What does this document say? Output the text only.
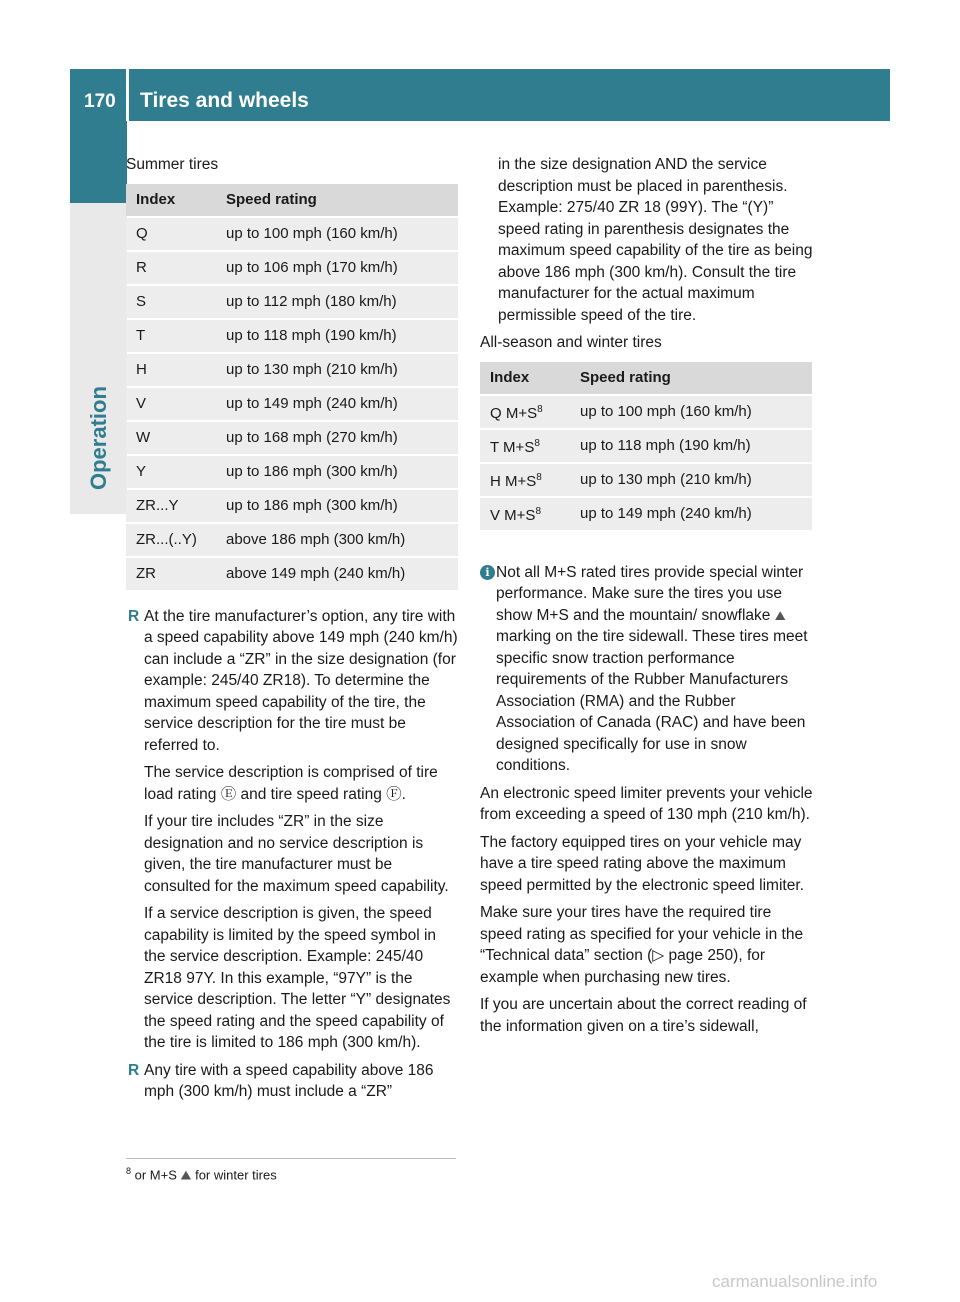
170 Tires and wheels
Operation

Summer tires

Index	Speed rating
Q	up to 100 mph (160 km/h)
R	up to 106 mph (170 km/h)
S	up to 112 mph (180 km/h)
T	up to 118 mph (190 km/h)
H	up to 130 mph (210 km/h)
V	up to 149 mph (240 km/h)
W	up to 168 mph (270 km/h)
Y	up to 186 mph (300 km/h)
ZR...Y	up to 186 mph (300 km/h)
ZR...(..Y)	above 186 mph (300 km/h)
ZR	above 149 mph (240 km/h)
R At the tire manufacturer’s option, any tire with a speed capability above 149 mph (240 km/h) can include a “ZR” in the size designation (for example: 245/40 ZR18). To determine the maximum speed capability of the tire, the service description for the tire must be referred to.

The service description is comprised of tire load rating Ⓔ and tire speed rating Ⓕ.

If your tire includes “ZR” in the size designation and no service description is given, the tire manufacturer must be consulted for the maximum speed capability.

If a service description is given, the speed capability is limited by the speed symbol in the service description. Example: 245/40 ZR18 97Y. In this example, “97Y” is the service description. The letter “Y” designates the speed rating and the speed capability of the tire is limited to 186 mph (300 km/h).

R Any tire with a speed capability above 186 mph (300 km/h) must include a “ZR”

in the size designation AND the service description must be placed in parenthesis. Example: 275/40 ZR 18 (99Y). The “(Y)” speed rating in parenthesis designates the maximum speed capability of the tire as being above 186 mph (300 km/h). Consult the tire manufacturer for the actual maximum permissible speed of the tire.

All-season and winter tires

Index	Speed rating
Q $M+S^8$	up to 100 mph (160 km/h)
T $M+S^8$	up to 118 mph (190 km/h)
H $M+S^8$	up to 130 mph (210 km/h)
V $M+S^8$	up to 149 mph (240 km/h)
i Not all M+S rated tires provide special winter performance. Make sure the tires you use show M+S and the mountain/ snowflake ⛰ marking on the tire sidewall. These tires meet specific snow traction performance requirements of the Rubber Manufacturers Association (RMA) and the Rubber Association of Canada (RAC) and have been designed specifically for use in snow conditions.

An electronic speed limiter prevents your vehicle from exceeding a speed of 130 mph (210 km/h).

The factory equipped tires on your vehicle may have a tire speed rating above the maximum speed permitted by the electronic speed limiter.

Make sure your tires have the required tire speed rating as specified for your vehicle in the “Technical data” section (▷ page 250), for example when purchasing new tires.

If you are uncertain about the correct reading of the information given on a tire’s sidewall,

$^8$ or M+S ⛰ for winter tires
carmanualsonline.info
